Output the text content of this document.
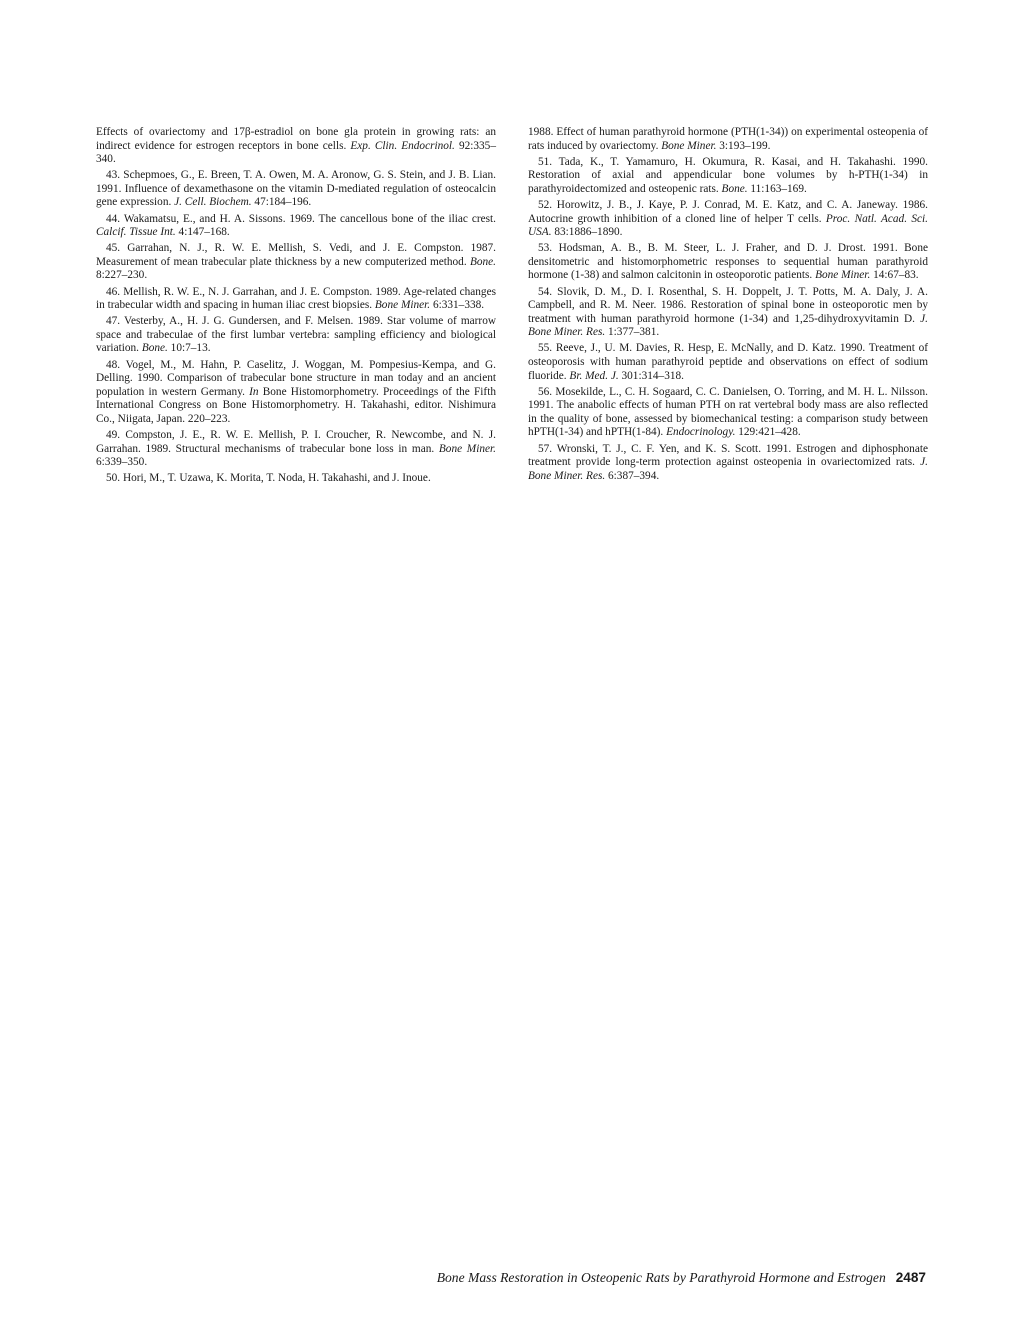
Effects of ovariectomy and 17β-estradiol on bone gla protein in growing rats: an indirect evidence for estrogen receptors in bone cells. Exp. Clin. Endocrinol. 92:335–340.

43. Schepmoes, G., E. Breen, T. A. Owen, M. A. Aronow, G. S. Stein, and J. B. Lian. 1991. Influence of dexamethasone on the vitamin D-mediated regulation of osteocalcin gene expression. J. Cell. Biochem. 47:184–196.

44. Wakamatsu, E., and H. A. Sissons. 1969. The cancellous bone of the iliac crest. Calcif. Tissue Int. 4:147–168.

45. Garrahan, N. J., R. W. E. Mellish, S. Vedi, and J. E. Compston. 1987. Measurement of mean trabecular plate thickness by a new computerized method. Bone. 8:227–230.

46. Mellish, R. W. E., N. J. Garrahan, and J. E. Compston. 1989. Age-related changes in trabecular width and spacing in human iliac crest biopsies. Bone Miner. 6:331–338.

47. Vesterby, A., H. J. G. Gundersen, and F. Melsen. 1989. Star volume of marrow space and trabeculae of the first lumbar vertebra: sampling efficiency and biological variation. Bone. 10:7–13.

48. Vogel, M., M. Hahn, P. Caselitz, J. Woggan, M. Pompesius-Kempa, and G. Delling. 1990. Comparison of trabecular bone structure in man today and an ancient population in western Germany. In Bone Histomorphometry. Proceedings of the Fifth International Congress on Bone Histomorphometry. H. Takahashi, editor. Nishimura Co., Niigata, Japan. 220–223.

49. Compston, J. E., R. W. E. Mellish, P. I. Croucher, R. Newcombe, and N. J. Garrahan. 1989. Structural mechanisms of trabecular bone loss in man. Bone Miner. 6:339–350.

50. Hori, M., T. Uzawa, K. Morita, T. Noda, H. Takahashi, and J. Inoue.

1988. Effect of human parathyroid hormone (PTH(1-34)) on experimental osteopenia of rats induced by ovariectomy. Bone Miner. 3:193–199.

51. Tada, K., T. Yamamuro, H. Okumura, R. Kasai, and H. Takahashi. 1990. Restoration of axial and appendicular bone volumes by h-PTH(1-34) in parathyroidectomized and osteopenic rats. Bone. 11:163–169.

52. Horowitz, J. B., J. Kaye, P. J. Conrad, M. E. Katz, and C. A. Janeway. 1986. Autocrine growth inhibition of a cloned line of helper T cells. Proc. Natl. Acad. Sci. USA. 83:1886–1890.

53. Hodsman, A. B., B. M. Steer, L. J. Fraher, and D. J. Drost. 1991. Bone densitometric and histomorphometric responses to sequential human parathyroid hormone (1-38) and salmon calcitonin in osteoporotic patients. Bone Miner. 14:67–83.

54. Slovik, D. M., D. I. Rosenthal, S. H. Doppelt, J. T. Potts, M. A. Daly, J. A. Campbell, and R. M. Neer. 1986. Restoration of spinal bone in osteoporotic men by treatment with human parathyroid hormone (1-34) and 1,25-dihydroxyvitamin D. J. Bone Miner. Res. 1:377–381.

55. Reeve, J., U. M. Davies, R. Hesp, E. McNally, and D. Katz. 1990. Treatment of osteoporosis with human parathyroid peptide and observations on effect of sodium fluoride. Br. Med. J. 301:314–318.

56. Mosekilde, L., C. H. Sogaard, C. C. Danielsen, O. Torring, and M. H. L. Nilsson. 1991. The anabolic effects of human PTH on rat vertebral body mass are also reflected in the quality of bone, assessed by biomechanical testing: a comparison study between hPTH(1-34) and hPTH(1-84). Endocrinology. 129:421–428.

57. Wronski, T. J., C. F. Yen, and K. S. Scott. 1991. Estrogen and diphosphonate treatment provide long-term protection against osteopenia in ovariectomized rats. J. Bone Miner. Res. 6:387–394.

Bone Mass Restoration in Osteopenic Rats by Parathyroid Hormone and Estrogen 2487
